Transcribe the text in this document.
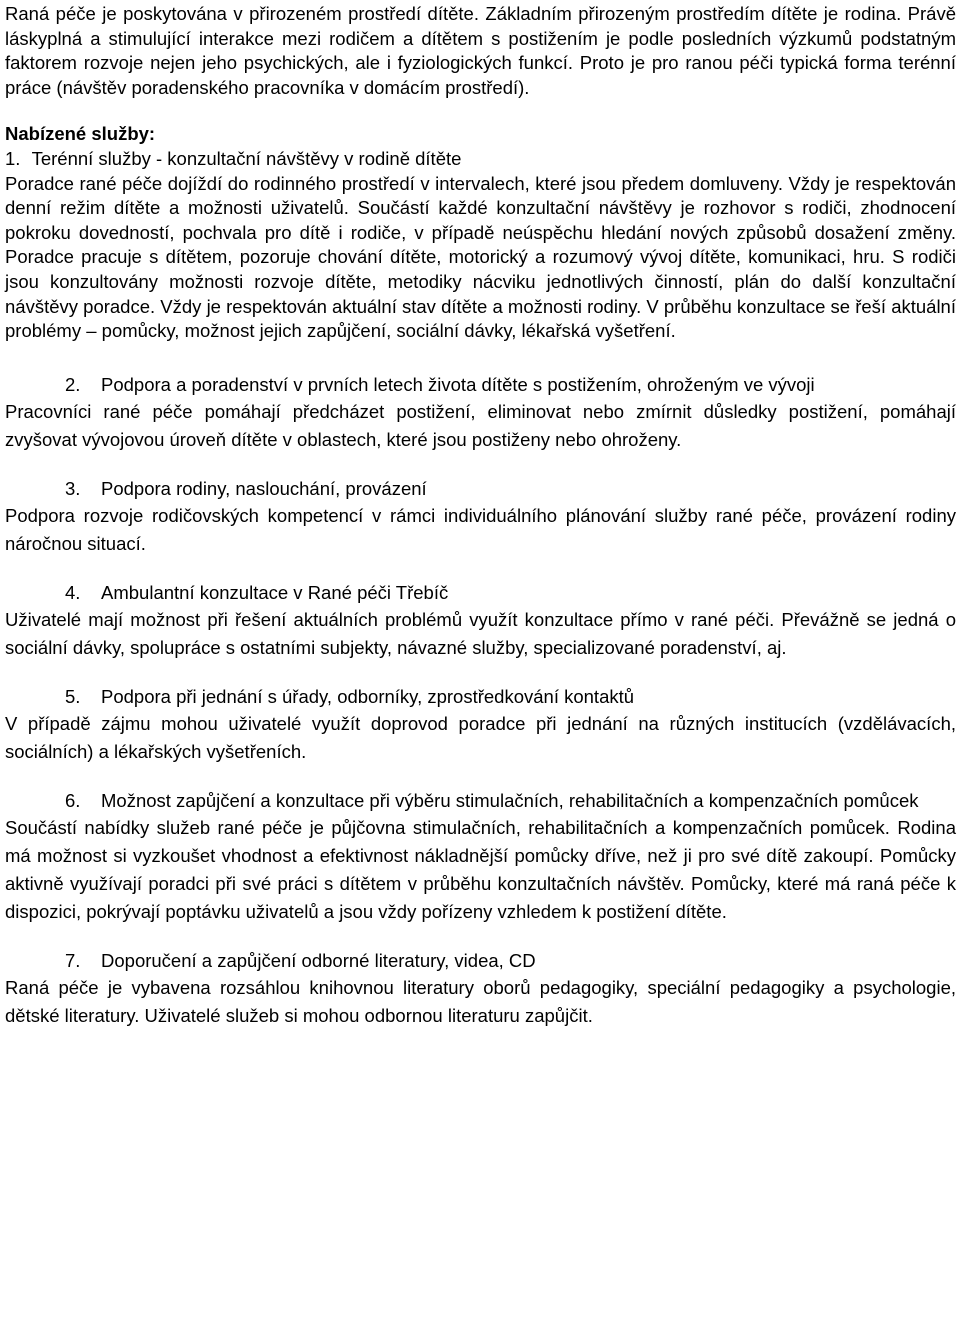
Raná péče je poskytována v přirozeném prostředí dítěte. Základním přirozeným prostředím dítěte je rodina. Právě láskyplná a stimulující interakce mezi rodičem a dítětem s postižením je podle posledních výzkumů podstatným faktorem rozvoje nejen jeho psychických, ale i fyziologických funkcí. Proto je pro ranou péči typická forma terénní práce (návštěv poradenského pracovníka v domácím prostředí).

Nabízené služby:

1. Terénní služby - konzultační návštěvy v rodině dítěte

Poradce rané péče dojíždí do rodinného prostředí v intervalech, které jsou předem domluveny. Vždy je respektován denní režim dítěte a možnosti uživatelů. Součástí každé konzultační návštěvy je rozhovor s rodiči, zhodnocení pokroku dovedností, pochvala pro dítě i rodiče, v případě neúspěchu hledání nových způsobů dosažení změny. Poradce pracuje s dítětem, pozoruje chování dítěte, motorický a rozumový vývoj dítěte, komunikaci, hru. S rodiči jsou konzultovány možnosti rozvoje dítěte, metodiky nácviku jednotlivých činností, plán do další konzultační návštěvy poradce. Vždy je respektován aktuální stav dítěte a možnosti rodiny. V průběhu konzultace se řeší aktuální problémy – pomůcky, možnost jejich zapůjčení, sociální dávky, lékařská vyšetření.

2.	Podpora a poradenství v prvních letech života dítěte s postižením, ohroženým ve vývoji

Pracovníci rané péče pomáhají předcházet postižení, eliminovat nebo zmírnit důsledky postižení, pomáhají zvyšovat vývojovou úroveň dítěte v oblastech, které jsou postiženy nebo ohroženy.

3.	Podpora rodiny, naslouchání, provázení

Podpora rozvoje rodičovských kompetencí v rámci individuálního plánování služby rané péče, provázení rodiny náročnou situací.

4.	Ambulantní konzultace v Rané péči Třebíč

Uživatelé mají možnost při řešení aktuálních problémů využít konzultace přímo v rané péči. Převážně se jedná o sociální dávky, spolupráce s ostatními subjekty, návazné služby, specializované poradenství, aj.

5.	Podpora při jednání s úřady, odborníky, zprostředkování kontaktů

V případě zájmu mohou uživatelé využít doprovod poradce při jednání na různých institucích (vzdělávacích, sociálních) a lékařských vyšetřeních.

6.	Možnost zapůjčení a konzultace při výběru stimulačních, rehabilitačních a kompenzačních pomůcek

Součástí nabídky služeb rané péče je půjčovna stimulačních, rehabilitačních a kompenzačních pomůcek. Rodina má možnost si vyzkoušet vhodnost a efektivnost nákladnější pomůcky dříve, než ji pro své dítě zakoupí. Pomůcky aktivně využívají poradci při své práci s dítětem v průběhu konzultačních návštěv. Pomůcky, které má raná péče k dispozici, pokrývají poptávku uživatelů a jsou vždy pořízeny vzhledem k postižení dítěte.

7.	Doporučení a zapůjčení odborné literatury, videa, CD

Raná péče je vybavena rozsáhlou knihovnou literatury oborů pedagogiky, speciální pedagogiky a psychologie, dětské literatury. Uživatelé služeb si mohou odbornou literaturu zapůjčit.
